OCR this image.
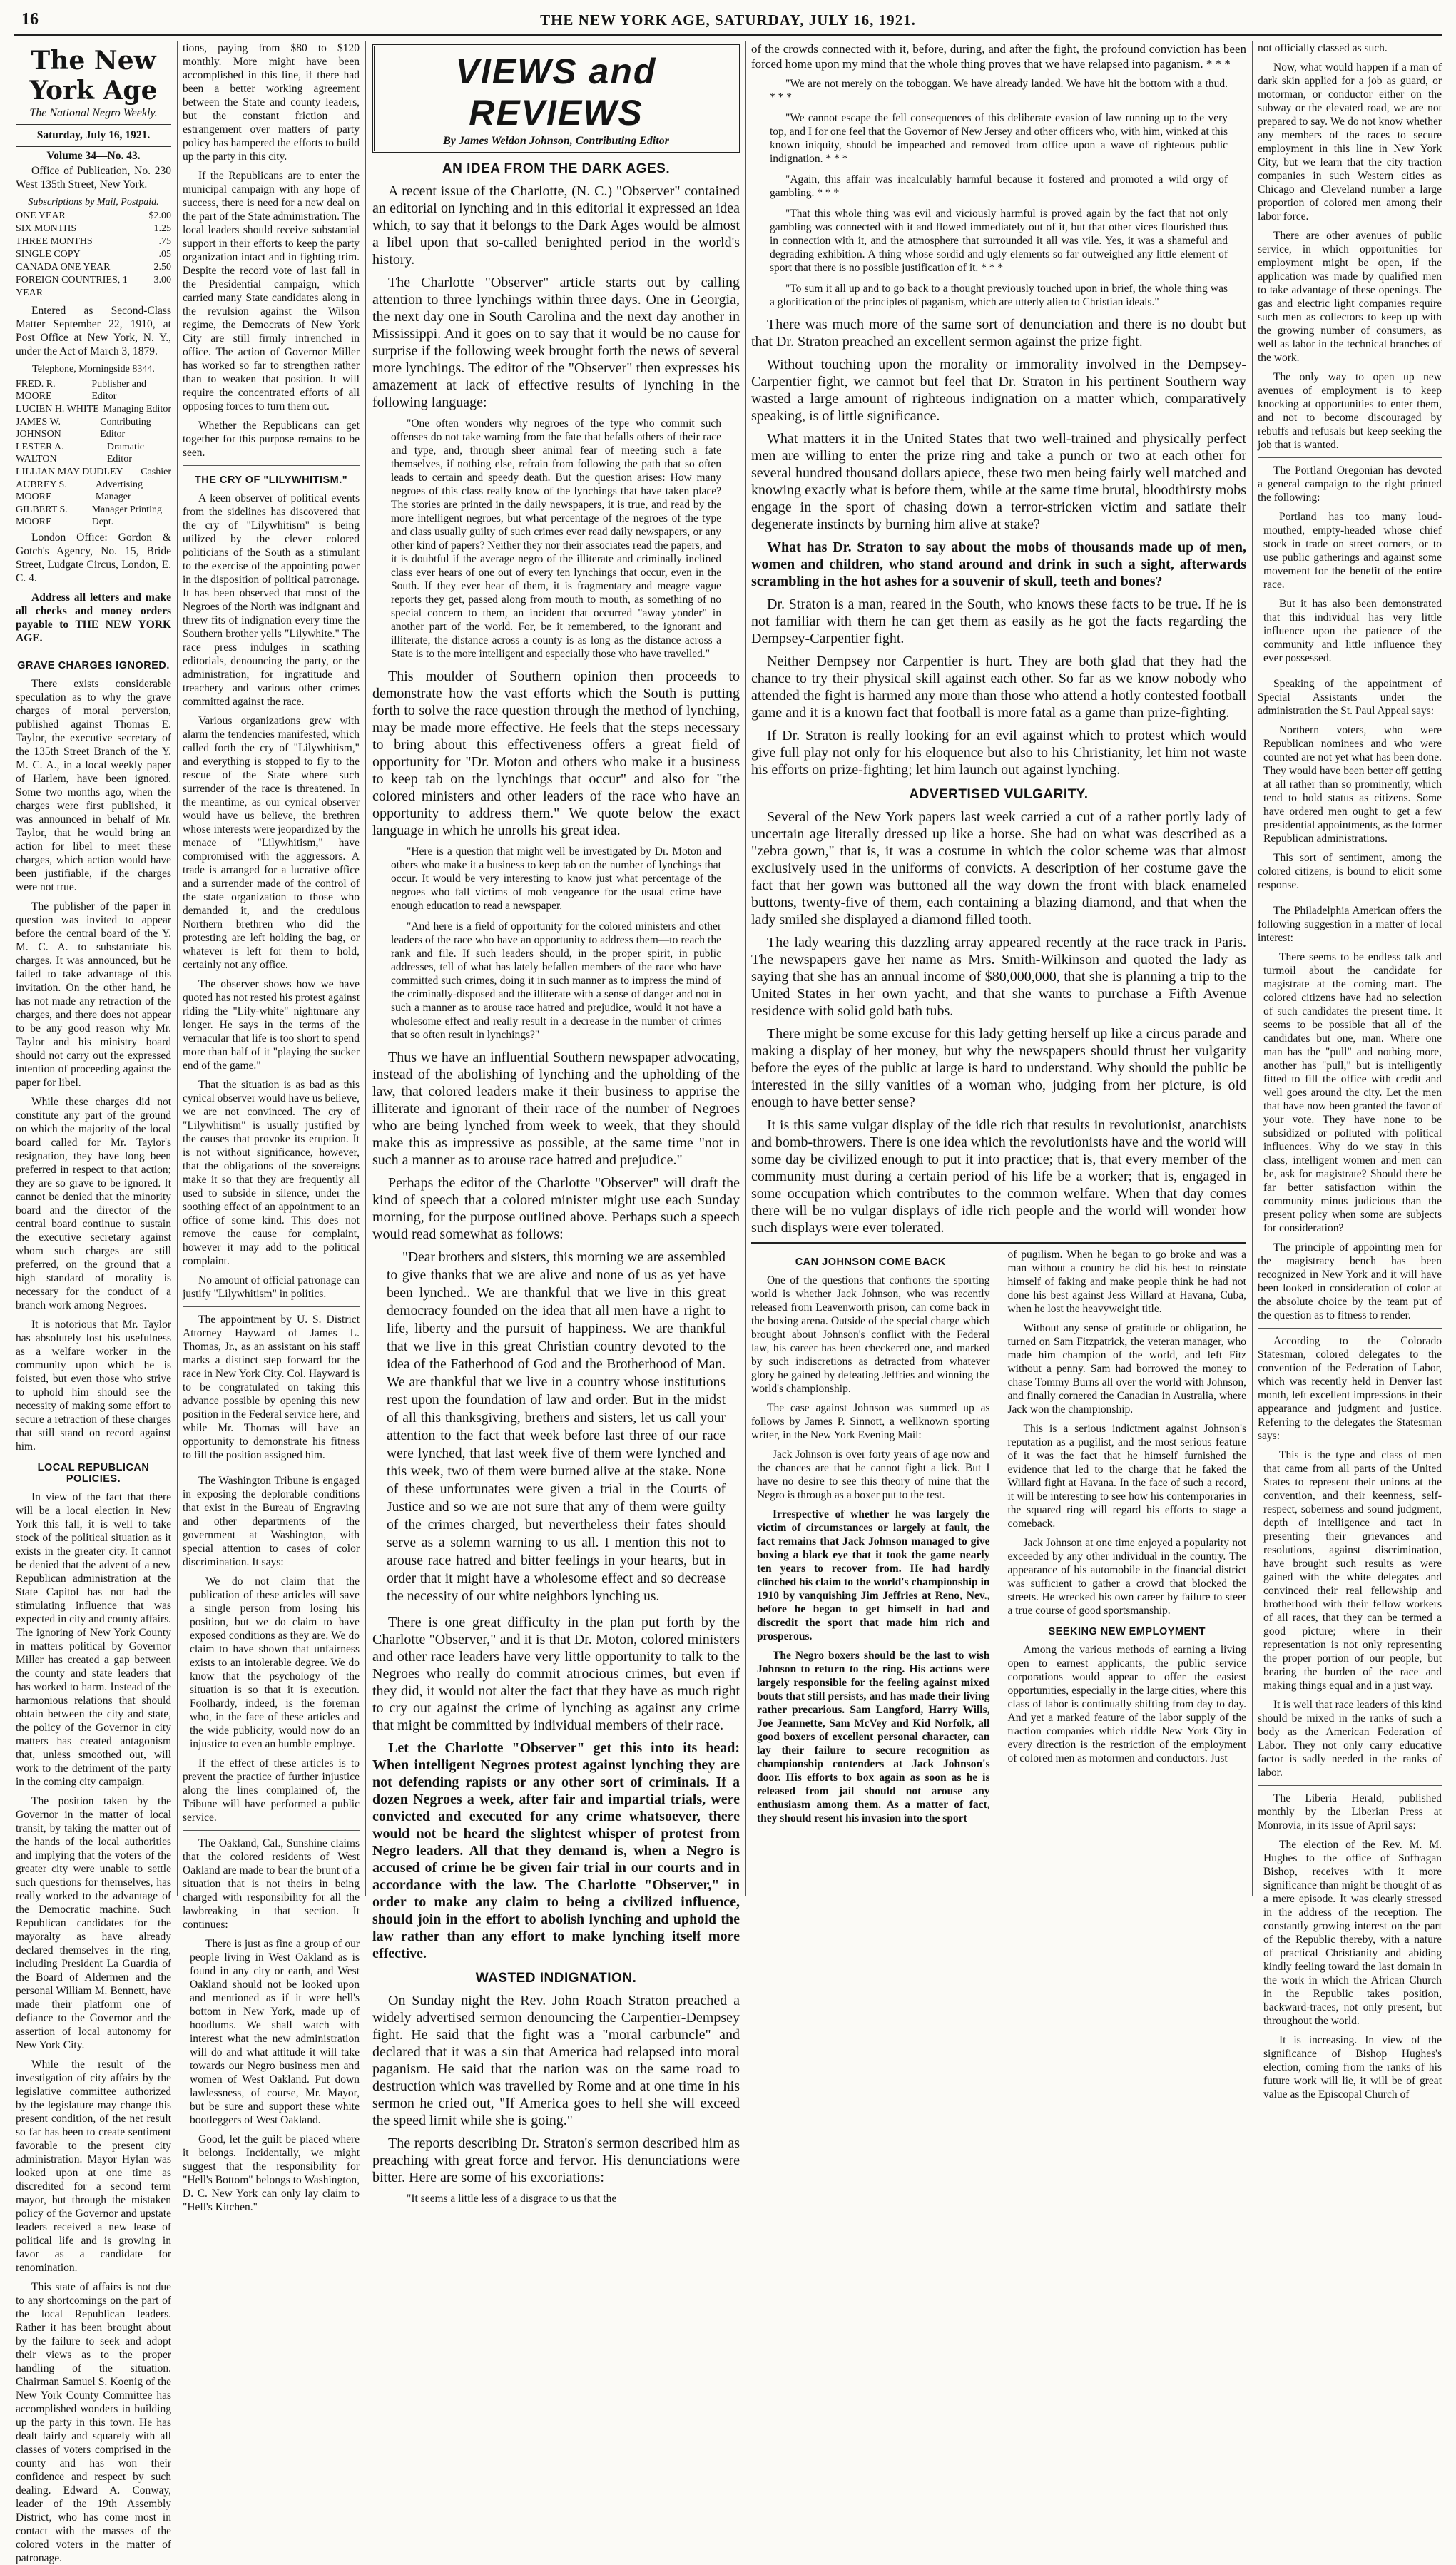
16	THE NEW YORK AGE, SATURDAY, JULY 16, 1921.
The New York Age
The National Negro Weekly.
Saturday, July 16, 1921.
Volume 34—No. 43.

Office of Publication, No. 230 West 135th Street, New York.

Subscriptions by Mail, Postpaid.
ONE YEAR	$2.00
SIX MONTHS	1.25
THREE MONTHS	.75
SINGLE COPY	.05
CANADA ONE YEAR	2.50
FOREIGN COUNTRIES, 1 YEAR
3.00

Entered as Second-Class Matter September 22, 1910, at Post Office at New York, N. Y., under the Act of March 3, 1879.

Telephone, Morningside 8344.
FRED. R. MOORE
Publisher and Editor
LUCIEN H. WHITE Managing Editor
JAMES W. JOHNSON
Contributing Editor
LESTER A. WALTON
Dramatic Editor
LILLIAN MAY DUDLEY Cashier
AUBREY S. MOORE
Advertising Manager
GILBERT S. MOORE
Manager Printing Dept.

London Office: Gordon & Gotch's Agency, No. 15, Bride Street, Ludgate Circus, London, E. C. 4.

Address all letters and make all checks and money orders payable to THE NEW YORK AGE.

GRAVE CHARGES IGNORED.

There exists considerable speculation as to why the grave charges of moral perversion, published against Thomas E. Taylor, the executive secretary of the 135th Street Branch of the Y. M. C. A., in a local weekly paper of Harlem, have been ignored. Some two months ago, when the charges were first published, it was announced in behalf of Mr. Taylor, that he would bring an action for libel to meet these charges, which action would have been justifiable, if the charges were not true.

The publisher of the paper in question was invited to appear before the central board of the Y. M. C. A. to substantiate his charges. It was announced, but he failed to take advantage of this invitation. On the other hand, he has not made any retraction of the charges, and there does not appear to be any good reason why Mr. Taylor and his ministry board should not carry out the expressed intention of proceeding against the paper for libel.

While these charges did not constitute any part of the ground on which the majority of the local board called for Mr. Taylor's resignation, they have long been preferred in respect to that action; they are so grave to be ignored. It cannot be denied that the minority board and the director of the central board continue to sustain the executive secretary against whom such charges are still preferred, on the ground that a high standard of morality is necessary for the conduct of a branch work among Negroes.

It is notorious that Mr. Taylor has absolutely lost his usefulness as a welfare worker in the community upon which he is foisted, but even those who strive to uphold him should see the necessity of making some effort to secure a retraction of these charges that still stand on record against him.

LOCAL REPUBLICAN POLICIES.

In view of the fact that there will be a local election in New York this fall, it is well to take stock of the political situation as it exists in the greater city. It cannot be denied that the advent of a new Republican administration at the State Capitol has not had the stimulating influence that was expected in city and county affairs. The ignoring of New York County in matters political by Governor Miller has created a gap between the county and state leaders that has worked to harm. Instead of the harmonious relations that should obtain between the city and state, the policy of the Governor in city matters has created antagonism that, unless smoothed out, will work to the detriment of the party in the coming city campaign.

The position taken by the Governor in the matter of local transit, by taking the matter out of the hands of the local authorities and implying that the voters of the greater city were unable to settle such questions for themselves, has really worked to the advantage of the Democratic machine. Such Republican candidates for the mayoralty as have already declared themselves in the ring, including President La Guardia of the Board of Aldermen and the personal William M. Bennett, have made their platform one of defiance to the Governor and the assertion of local autonomy for New York City.

While the result of the investigation of city affairs by the legislative committee authorized by the legislature may change this present condition, of the net result so far has been to create sentiment favorable to the present city administration. Mayor Hylan was looked upon at one time as discredited for a second term mayor, but through the mistaken policy of the Governor and upstate leaders received a new lease of political life and is growing in favor as a candidate for renomination.

This state of affairs is not due to any shortcomings on the part of the local Republican leaders. Rather it has been brought about by the failure to seek and adopt their views as to the proper handling of the situation. Chairman Samuel S. Koenig of the New York County Committee has accomplished wonders in building up the party in this town. He has dealt fairly and squarely with all classes of voters comprised in the county and has won their confidence and respect by such dealing. Edward A. Conway, leader of the 19th Assembly District, who has come most in contact with the masses of the colored voters in the matter of patronage.

tions, paying from $80 to $120 monthly. More might have been accomplished in this line, if there had been a better working agreement between the State and county leaders, but the constant friction and estrangement over matters of party policy has hampered the efforts to build up the party in this city.

If the Republicans are to enter the municipal campaign with any hope of success, there is need for a new deal on the part of the State administration. The local leaders should receive substantial support in their efforts to keep the party organization intact and in fighting trim. Despite the record vote of last fall in the Presidential campaign, which carried many State candidates along in the revulsion against the Wilson regime, the Democrats of New York City are still firmly intrenched in office. The action of Governor Miller has worked so far to strengthen rather than to weaken that position. It will require the concentrated efforts of all opposing forces to turn them out.

Whether the Republicans can get together for this purpose remains to be seen.

THE CRY OF "LILYWHITISM."

A keen observer of political events from the sidelines has discovered that the cry of "Lilywhitism" is being utilized by the clever colored politicians of the South as a stimulant to the exercise of the appointing power in the disposition of political patronage. It has been observed that most of the Negroes of the North was indignant and threw fits of indignation every time the Southern brother yells "Lilywhite." The race press indulges in scathing editorials, denouncing the party, or the administration, for ingratitude and treachery and various other crimes committed against the race.

Various organizations grew with alarm the tendencies manifested, which called forth the cry of "Lilywhitism," and everything is stopped to fly to the rescue of the State where such surrender of the race is threatened. In the meantime, as our cynical observer would have us believe, the brethren whose interests were jeopardized by the menace of "Lilywhitism," have compromised with the aggressors. A trade is arranged for a lucrative office and a surrender made of the control of the state organization to those who demanded it, and the credulous Northern brethren who did the protesting are left holding the bag, or whatever is left for them to hold, certainly not any office.

The observer shows how we have quoted has not rested his protest against riding the "Lily-white" nightmare any longer. He says in the terms of the vernacular that life is too short to spend more than half of it "playing the sucker end of the game."

That the situation is as bad as this cynical observer would have us believe, we are not convinced. The cry of "Lilywhitism" is usually justified by the causes that provoke its eruption. It is not without significance, however, that the obligations of the sovereigns make it so that they are frequently all used to subside in silence, under the soothing effect of an appointment to an office of some kind. This does not remove the cause for complaint, however it may add to the political complaint.

No amount of official patronage can justify "Lilywhitism" in politics.

The appointment by U. S. District Attorney Hayward of James L. Thomas, Jr., as an assistant on his staff marks a distinct step forward for the race in New York City. Col. Hayward is to be congratulated on taking this advance possible by opening this new position in the Federal service here, and while Mr. Thomas will have an opportunity to demonstrate his fitness to fill the position assigned him.

The Washington Tribune is engaged in exposing the deplorable conditions that exist in the Bureau of Engraving and other departments of the government at Washington, with special attention to cases of color discrimination. It says:

We do not claim that the publication of these articles will save a single person from losing his position, but we do claim to have exposed conditions as they are. We do claim to have shown that unfairness exists to an intolerable degree. We do know that the psychology of the situation is so that it is execution. Foolhardy, indeed, is the foreman who, in the face of these articles and the wide publicity, would now do an injustice to even an humble employe.

If the effect of these articles is to prevent the practice of further injustice along the lines complained of, the Tribune will have performed a public service.

The Oakland, Cal., Sunshine claims that the colored residents of West Oakland are made to bear the brunt of a situation that is not theirs in being charged with responsibility for all the lawbreaking in that section. It continues:

There is just as fine a group of our people living in West Oakland as is found in any city or earth, and West Oakland should not be looked upon and mentioned as if it were hell's bottom in New York, made up of hoodlums. We shall watch with interest what the new administration will do and what attitude it will take towards our Negro business men and women of West Oakland. Put down lawlessness, of course, Mr. Mayor, but be sure and support these white bootleggers of West Oakland.

Good, let the guilt be placed where it belongs. Incidentally, we might suggest that the responsibility for "Hell's Bottom" belongs to Washington, D. C. New York can only lay claim to "Hell's Kitchen."

VIEWS and REVIEWS
By James Weldon Johnson, Contributing Editor
AN IDEA FROM THE DARK AGES.

A recent issue of the Charlotte, (N. C.) "Observer" contained an editorial on lynching and in this editorial it expressed an idea which, to say that it belongs to the Dark Ages would be almost a libel upon that so-called benighted period in the world's history.

The Charlotte "Observer" article starts out by calling attention to three lynchings within three days. One in Georgia, the next day one in South Carolina and the next day another in Mississippi. And it goes on to say that it would be no cause for surprise if the following week brought forth the news of several more lynchings. The editor of the "Observer" then expresses his amazement at lack of effective results of lynching in the following language:

"One often wonders why negroes of the type who commit such offenses do not take warning from the fate that befalls others of their race and type, and, through sheer animal fear of meeting such a fate themselves, if nothing else, refrain from following the path that so often leads to certain and speedy death. But the question arises: How many negroes of this class really know of the lynchings that have taken place? The stories are printed in the daily newspapers, it is true, and read by the more intelligent negroes, but what percentage of the negroes of the type and class usually guilty of such crimes ever read daily newspapers, or any other kind of papers? Neither they nor their associates read the papers, and it is doubtful if the average negro of the illiterate and criminally inclined class ever hears of one out of every ten lynchings that occur, even in the South. If they ever hear of them, it is fragmentary and meagre vague reports they get, passed along from mouth to mouth, as something of no special concern to them, an incident that occurred "away yonder" in another part of the world. For, be it remembered, to the ignorant and illiterate, the distance across a county is as long as the distance across a State is to the more intelligent and especially those who have travelled."

This moulder of Southern opinion then proceeds to demonstrate how the vast efforts which the South is putting forth to solve the race question through the method of lynching, may be made more effective. He feels that the steps necessary to bring about this effectiveness offers a great field of opportunity for "Dr. Moton and others who make it a business to keep tab on the lynchings that occur" and also for "the colored ministers and other leaders of the race who have an opportunity to address them." We quote below the exact language in which he unrolls his great idea.

"Here is a question that might well be investigated by Dr. Moton and others who make it a business to keep tab on the number of lynchings that occur. It would be very interesting to know just what percentage of the negroes who fall victims of mob vengeance for the usual crime have enough education to read a newspaper.

"And here is a field of opportunity for the colored ministers and other leaders of the race who have an opportunity to address them—to reach the rank and file. If such leaders should, in the proper spirit, in public addresses, tell of what has lately befallen members of the race who have committed such crimes, doing it in such manner as to impress the mind of the criminally-disposed and the illiterate with a sense of danger and not in such a manner as to arouse race hatred and prejudice, would it not have a wholesome effect and really result in a decrease in the number of crimes that so often result in lynchings?"

Thus we have an influential Southern newspaper advocating, instead of the abolishing of lynching and the upholding of the law, that colored leaders make it their business to apprise the illiterate and ignorant of their race of the number of Negroes who are being lynched from week to week, that they should make this as impressive as possible, at the same time "not in such a manner as to arouse race hatred and prejudice."

Perhaps the editor of the Charlotte "Observer" will draft the kind of speech that a colored minister might use each Sunday morning, for the purpose outlined above. Perhaps such a speech would read somewhat as follows:

"Dear brothers and sisters, this morning we are assembled to give thanks that we are alive and none of us as yet have been lynched.. We are thankful that we live in this great democracy founded on the idea that all men have a right to life, liberty and the pursuit of happiness. We are thankful that we live in this great Christian country devoted to the idea of the Fatherhood of God and the Brotherhood of Man. We are thankful that we live in a country whose institutions rest upon the foundation of law and order. But in the midst of all this thanksgiving, brethers and sisters, let us call your attention to the fact that week before last three of our race were lynched, that last week five of them were lynched and this week, two of them were burned alive at the stake. None of these unfortunates were given a trial in the Courts of Justice and so we are not sure that any of them were guilty of the crimes charged, but nevertheless their fates should serve as a solemn warning to us all. I mention this not to arouse race hatred and bitter feelings in your hearts, but in order that it might have a wholesome effect and so decrease the necessity of our white neighbors lynching us.

There is one great difficulty in the plan put forth by the Charlotte "Observer," and it is that Dr. Moton, colored ministers and other race leaders have very little opportunity to talk to the Negroes who really do commit atrocious crimes, but even if they did, it would not alter the fact that they have as much right to cry out against the crime of lynching as against any crime that might be committed by individual members of their race.

Let the Charlotte "Observer" get this into its head: When intelligent Negroes protest against lynching they are not defending rapists or any other sort of criminals. If a dozen Negroes a week, after fair and impartial trials, were convicted and executed for any crime whatsoever, there would not be heard the slightest whisper of protest from Negro leaders. All that they demand is, when a Negro is accused of crime he be given fair trial in our courts and in accordance with the law. The Charlotte "Observer," in order to make any claim to being a civilized influence, should join in the effort to abolish lynching and uphold the law rather than any effort to make lynching itself more effective.

WASTED INDIGNATION.

On Sunday night the Rev. John Roach Straton preached a widely advertised sermon denouncing the Carpentier-Dempsey fight. He said that the fight was a "moral carbuncle" and declared that it was a sin that America had relapsed into moral paganism. He said that the nation was on the same road to destruction which was travelled by Rome and at one time in his sermon he cried out, "If America goes to hell she will exceed the speed limit while she is going."

The reports describing Dr. Straton's sermon described him as preaching with great force and fervor. His denunciations were bitter. Here are some of his excoriations:

"It seems a little less of a disgrace to us that the

of the crowds connected with it, before, during, and after the fight, the profound conviction has been forced home upon my mind that the whole thing proves that we have relapsed into paganism. * * *

"We are not merely on the toboggan. We have already landed. We have hit the bottom with a thud. * * *

"We cannot escape the fell consequences of this deliberate evasion of law running up to the very top, and I for one feel that the Governor of New Jersey and other officers who, with him, winked at this known iniquity, should be impeached and removed from office upon a wave of righteous public indignation. * * *

"Again, this affair was incalculably harmful because it fostered and promoted a wild orgy of gambling. * * *

"That this whole thing was evil and viciously harmful is proved again by the fact that not only gambling was connected with it and flowed immediately out of it, but that other vices flourished thus in connection with it, and the atmosphere that surrounded it all was vile. Yes, it was a shameful and degrading exhibition. A thing whose sordid and ugly elements so far outweighed any little element of sport that there is no possible justification of it. * * *

"To sum it all up and to go back to a thought previously touched upon in brief, the whole thing was a glorification of the principles of paganism, which are utterly alien to Christian ideals."

There was much more of the same sort of denunciation and there is no doubt but that Dr. Straton preached an excellent sermon against the prize fight.

Without touching upon the morality or immorality involved in the Dempsey-Carpentier fight, we cannot but feel that Dr. Straton in his pertinent Southern way wasted a large amount of righteous indignation on a matter which, comparatively speaking, is of little significance.

What matters it in the United States that two well-trained and physically perfect men are willing to enter the prize ring and take a punch or two at each other for several hundred thousand dollars apiece, these two men being fairly well matched and knowing exactly what is before them, while at the same time brutal, bloodthirsty mobs engage in the sport of chasing down a terror-stricken victim and satiate their degenerate instincts by burning him alive at stake?

What has Dr. Straton to say about the mobs of thousands made up of men, women and children, who stand around and drink in such a sight, afterwards scrambling in the hot ashes for a souvenir of skull, teeth and bones?

Dr. Straton is a man, reared in the South, who knows these facts to be true. If he is not familiar with them he can get them as easily as he got the facts regarding the Dempsey-Carpentier fight.

Neither Dempsey nor Carpentier is hurt. They are both glad that they had the chance to try their physical skill against each other. So far as we know nobody who attended the fight is harmed any more than those who attend a hotly contested football game and it is a known fact that football is more fatal as a game than prize-fighting.

If Dr. Straton is really looking for an evil against which to protest which would give full play not only for his eloquence but also to his Christianity, let him not waste his efforts on prize-fighting; let him launch out against lynching.

ADVERTISED VULGARITY.

Several of the New York papers last week carried a cut of a rather portly lady of uncertain age literally dressed up like a horse. She had on what was described as a "zebra gown," that is, it was a costume in which the color scheme was that almost exclusively used in the uniforms of convicts. A description of her costume gave the fact that her gown was buttoned all the way down the front with black enameled buttons, twenty-five of them, each containing a blazing diamond, and that when the lady smiled she displayed a diamond filled tooth.

The lady wearing this dazzling array appeared recently at the race track in Paris. The newspapers gave her name as Mrs. Smith-Wilkinson and quoted the lady as saying that she has an annual income of $80,000,000, that she is planning a trip to the United States in her own yacht, and that she wants to purchase a Fifth Avenue residence with solid gold bath tubs.

There might be some excuse for this lady getting herself up like a circus parade and making a display of her money, but why the newspapers should thrust her vulgarity before the eyes of the public at large is hard to understand. Why should the public be interested in the silly vanities of a woman who, judging from her picture, is old enough to have better sense?

It is this same vulgar display of the idle rich that results in revolutionist, anarchists and bomb-throwers. There is one idea which the revolutionists have and the world will some day be civilized enough to put it into practice; that is, that every member of the community must during a certain period of his life be a worker; that is, engaged in some occupation which contributes to the common welfare. When that day comes there will be no vulgar displays of idle rich people and the world will wonder how such displays were ever tolerated.

CAN JOHNSON COME BACK

One of the questions that confronts the sporting world is whether Jack Johnson, who was recently released from Leavenworth prison, can come back in the boxing arena. Outside of the special charge which brought about Johnson's conflict with the Federal law, his career has been checkered one, and marked by such indiscretions as detracted from whatever glory he gained by defeating Jeffries and winning the world's championship.

The case against Johnson was summed up as follows by James P. Sinnott, a wellknown sporting writer, in the New York Evening Mail:

Jack Johnson is over forty years of age now and the chances are that he cannot fight a lick. But I have no desire to see this theory of mine that the Negro is through as a boxer put to the test.

Irrespective of whether he was largely the victim of circumstances or largely at fault, the fact remains that Jack Johnson managed to give boxing a black eye that it took the game nearly ten years to recover from. He had hardly clinched his claim to the world's championship in 1910 by vanquishing Jim Jeffries at Reno, Nev., before he began to get himself in bad and discredit the sport that made him rich and prosperous.

The Negro boxers should be the last to wish Johnson to return to the ring. His actions were largely responsible for the feeling against mixed bouts that still persists, and has made their living rather precarious. Sam Langford, Harry Wills, Joe Jeannette, Sam McVey and Kid Norfolk, all good boxers of excellent personal character, can lay their failure to secure recognition as championship contenders at Jack Johnson's door. His efforts to box again as soon as he is released from jail should not arouse any enthusiasm among them. As a matter of fact, they should resent his invasion into the sport

of pugilism. When he began to go broke and was a man without a country he did his best to reinstate himself of faking and make people think he had not done his best against Jess Willard at Havana, Cuba, when he lost the heavyweight title.

Without any sense of gratitude or obligation, he turned on Sam Fitzpatrick, the veteran manager, who made him champion of the world, and left Fitz without a penny. Sam had borrowed the money to chase Tommy Burns all over the world with Johnson, and finally cornered the Canadian in Australia, where Jack won the championship.

This is a serious indictment against Johnson's reputation as a pugilist, and the most serious feature of it was the fact that he himself furnished the evidence that led to the charge that he faked the Willard fight at Havana. In the face of such a record, it will be interesting to see how his contemporaries in the squared ring will regard his efforts to stage a comeback.

Jack Johnson at one time enjoyed a popularity not exceeded by any other individual in the country. The appearance of his automobile in the financial district was sufficient to gather a crowd that blocked the streets. He wrecked his own career by failure to steer a true course of good sportsmanship.

SEEKING NEW EMPLOYMENT

Among the various methods of earning a living open to earnest applicants, the public service corporations would appear to offer the easiest opportunities, especially in the large cities, where this class of labor is continually shifting from day to day. And yet a marked feature of the labor supply of the traction companies which riddle New York City in every direction is the restriction of the employment of colored men as motormen and conductors. Just

not officially classed as such.

Now, what would happen if a man of dark skin applied for a job as guard, or motorman, or conductor either on the subway or the elevated road, we are not prepared to say. We do not know whether any members of the races to secure employment in this line in New York City, but we learn that the city traction companies in such Western cities as Chicago and Cleveland number a large proportion of colored men among their labor force.

There are other avenues of public service, in which opportunities for employment might be open, if the application was made by qualified men to take advantage of these openings. The gas and electric light companies require such men as collectors to keep up with the growing number of consumers, as well as labor in the technical branches of the work.

The only way to open up new avenues of employment is to keep knocking at opportunities to enter them, and not to become discouraged by rebuffs and refusals but keep seeking the job that is wanted.

The Portland Oregonian has devoted a general campaign to the right printed the following:

Portland has too many loud-mouthed, empty-headed whose chief stock in trade on street corners, or to use public gatherings and against some movement for the benefit of the entire race.

But it has also been demonstrated that this individual has very little influence upon the patience of the community and little influence they ever possessed.

Speaking of the appointment of Special Assistants under the administration the St. Paul Appeal says:

Northern voters, who were Republican nominees and who were counted are not yet what has been done. They would have been better off getting at all rather than so prominently, which tend to hold status as citizens. Some have ordered men ought to get a few presidential appointments, as the former Republican administrations.

This sort of sentiment, among the colored citizens, is bound to elicit some response.

The Philadelphia American offers the following suggestion in a matter of local interest:

There seems to be endless talk and turmoil about the candidate for magistrate at the coming mart. The colored citizens have had no selection of such candidates the present time. It seems to be possible that all of the candidates but one, man. Where one man has the "pull" and nothing more, another has "pull," but is intelligently fitted to fill the office with credit and well goes around the city. Let the men that have now been granted the favor of your vote. They have none to be subsidized or polluted with political influences. Why do we stay in this class, intelligent women and men can be, ask for magistrate? Should there be far better satisfaction within the community minus judicious than the present policy when some are subjects for consideration?

The principle of appointing men for the magistracy bench has been recognized in New York and it will have been looked in consideration of color at the absolute choice by the team put of the question as to fitness to render.

According to the Colorado Statesman, colored delegates to the convention of the Federation of Labor, which was recently held in Denver last month, left excellent impressions in their appearance and judgment and justice. Referring to the delegates the Statesman says:

This is the type and class of men that came from all parts of the United States to represent their unions at the convention, and their keenness, self-respect, soberness and sound judgment, depth of intelligence and tact in presenting their grievances and resolutions, against discrimination, have brought such results as were gained with the white delegates and convinced their real fellowship and brotherhood with their fellow workers of all races, that they can be termed a good picture; where in their representation is not only representing the proper portion of our people, but bearing the burden of the race and making things equal and in a just way.

It is well that race leaders of this kind should be mixed in the ranks of such a body as the American Federation of Labor. They not only carry educative factor is sadly needed in the ranks of labor.

The Liberia Herald, published monthly by the Liberian Press at Monrovia, in its issue of April says:

The election of the Rev. M. M. Hughes to the office of Suffragan Bishop, receives with it more significance than might be thought of as a mere episode. It was clearly stressed in the address of the reception. The constantly growing interest on the part of the Republic thereby, with a nature of practical Christianity and abiding kindly feeling toward the last domain in the work in which the African Church in the Republic takes position, backward-traces, not only present, but throughout the world.

It is increasing. In view of the significance of Bishop Hughes's election, coming from the ranks of his future work will lie, it will be of great value as the Episcopal Church of
